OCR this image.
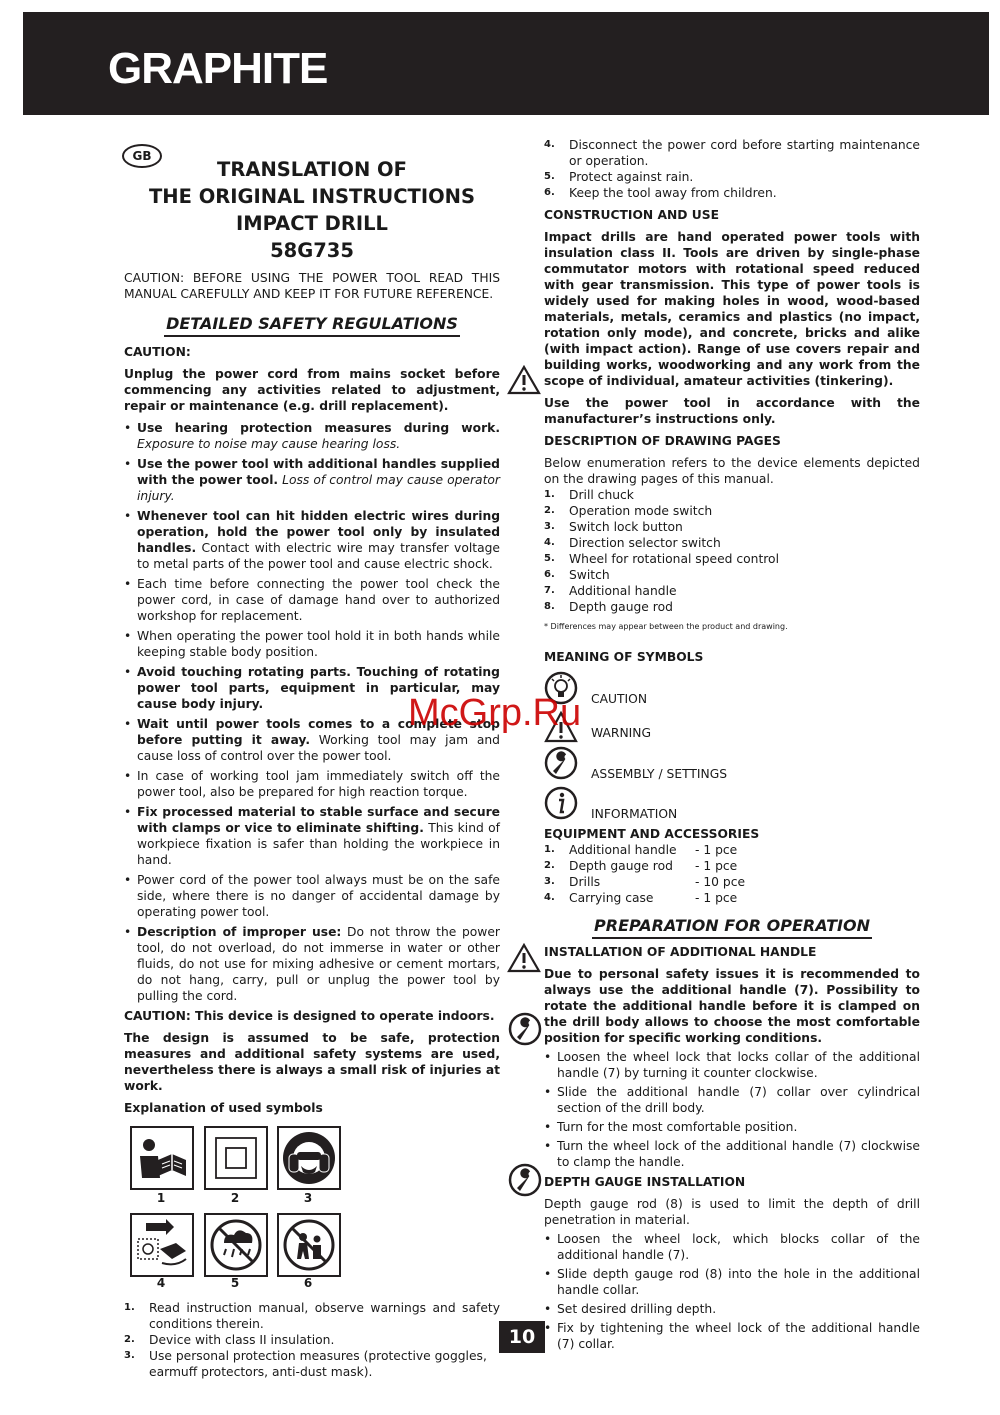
GRAPHITE
GB
TRANSLATION OF
THE ORIGINAL INSTRUCTIONS
IMPACT DRILL
58G735

CAUTION: BEFORE USING THE POWER TOOL READ THIS MANUAL CAREFULLY AND KEEP IT FOR FUTURE REFERENCE.

DETAILED SAFETY REGULATIONS

CAUTION:

Unplug the power cord from mains socket before commencing any activities related to adjustment, repair or maintenance (e.g. drill replacement).

• Use hearing protection measures during work. Exposure to noise may cause hearing loss.
• Use the power tool with additional handles supplied with the power tool. Loss of control may cause operator injury.
• Whenever tool can hit hidden electric wires during operation, hold the power tool only by insulated handles. Contact with electric wire may transfer voltage to metal parts of the power tool and cause electric shock.
• Each time before connecting the power tool check the power cord, in case of damage hand over to authorized workshop for replacement.
• When operating the power tool hold it in both hands while keeping stable body position.
• Avoid touching rotating parts. Touching of rotating power tool parts, equipment in particular, may cause body injury.
• Wait until power tools comes to a complete stop before putting it away. Working tool may jam and cause loss of control over the power tool.
• In case of working tool jam immediately switch off the power tool, also be prepared for high reaction torque.
• Fix processed material to stable surface and secure with clamps or vice to eliminate shifting. This kind of workpiece fixation is safer than holding the workpiece in hand.
• Power cord of the power tool always must be on the safe side, where there is no danger of accidental damage by operating power tool.
• Description of improper use: Do not throw the power tool, do not overload, do not immerse in water or other fluids, do not use for mixing adhesive or cement mortars, do not hang, carry, pull or unplug the power tool by pulling the cord.

CAUTION: This device is designed to operate indoors.

The design is assumed to be safe, protection measures and additional safety systems are used, nevertheless there is always a small risk of injuries at work.

Explanation of used symbols

1	2	3
4	5	6
1. Read instruction manual, observe warnings and safety conditions therein.
2. Device with class II insulation.
3. Use personal protection measures (protective goggles, earmuff protectors, anti-dust mask).
4. Disconnect the power cord before starting maintenance or operation.
5. Protect against rain.
6. Keep the tool away from children.

CONSTRUCTION AND USE

Impact drills are hand operated power tools with insulation class II. Tools are driven by single-phase commutator motors with rotational speed reduced with gear transmission. This type of power tools is widely used for making holes in wood, wood-based materials, metals, ceramics and plastics (no impact, rotation only mode), and concrete, bricks and alike (with impact action). Range of use covers repair and building works, woodworking and any work from the scope of individual, amateur activities (tinkering).

Use the power tool in accordance with the manufacturer’s instructions only.

DESCRIPTION OF DRAWING PAGES

Below enumeration refers to the device elements depicted on the drawing pages of this manual.

1. Drill chuck
2. Operation mode switch
3. Switch lock button
4. Direction selector switch
5. Wheel for rotational speed control
6. Switch
7. Additional handle
8. Depth gauge rod

* Differences may appear between the product and drawing.

MEANING OF SYMBOLS

CAUTION
WARNING
ASSEMBLY / SETTINGS
INFORMATION

EQUIPMENT AND ACCESSORIES

1.	Additional handle	- 1 pce
2.	Depth gauge rod	- 1 pce
3.	Drills	- 10 pce
4.	Carrying case	- 1 pce
PREPARATION FOR OPERATION

INSTALLATION OF ADDITIONAL HANDLE

Due to personal safety issues it is recommended to always use the additional handle (7). Possibility to rotate the additional handle before it is clamped on the drill body allows to choose the most comfortable position for specific working conditions.

• Loosen the wheel lock that locks collar of the additional handle (7) by turning it counter clockwise.
• Slide the additional handle (7) collar over cylindrical section of the drill body.
• Turn for the most comfortable position.
• Turn the wheel lock of the additional handle (7) clockwise to clamp the handle.

DEPTH GAUGE INSTALLATION

Depth gauge rod (8) is used to limit the depth of drill penetration in material.

• Loosen the wheel lock, which blocks collar of the additional handle (7).
• Slide depth gauge rod (8) into the hole in the additional handle collar.
• Set desired drilling depth.
• Fix by tightening the wheel lock of the additional handle (7) collar.
McGrp.Ru
10
